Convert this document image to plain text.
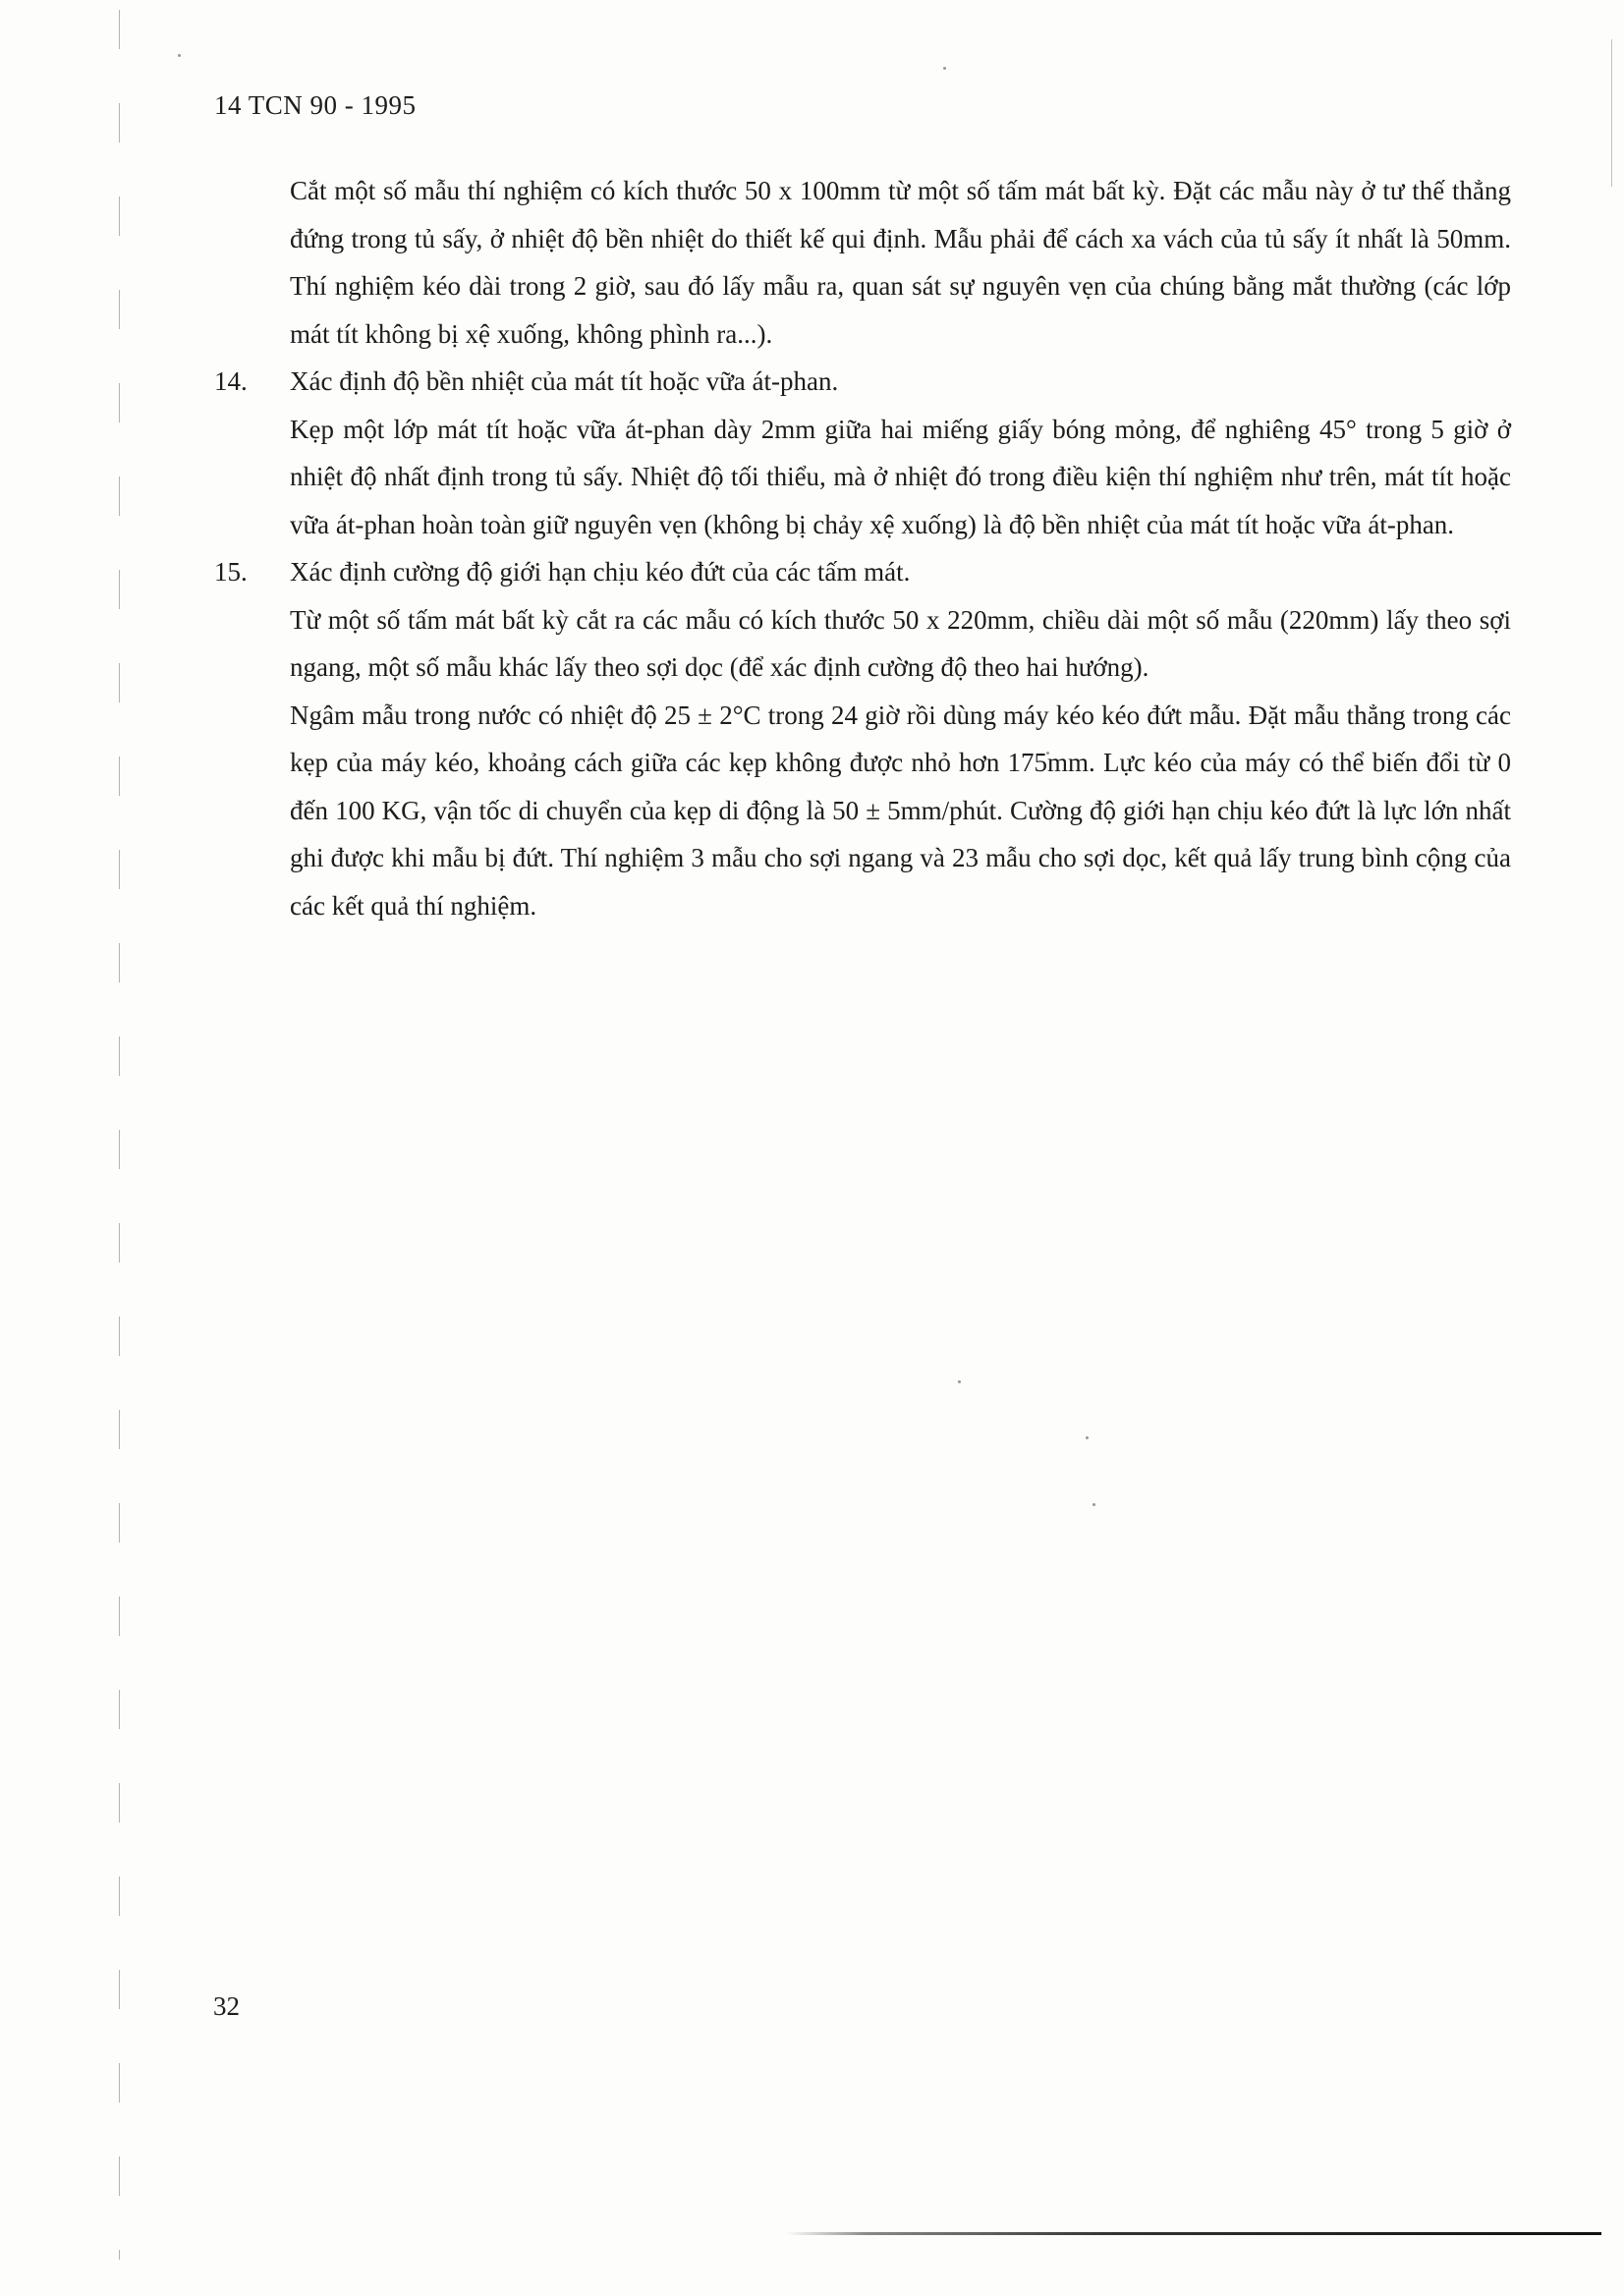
14 TCN 90 - 1995

Cắt một số mẫu thí nghiệm có kích thước 50 x 100mm từ một số tấm mát bất kỳ. Đặt các mẫu này ở tư thế thẳng đứng trong tủ sấy, ở nhiệt độ bền nhiệt do thiết kế qui định. Mẫu phải để cách xa vách của tủ sấy ít nhất là 50mm. Thí nghiệm kéo dài trong 2 giờ, sau đó lấy mẫu ra, quan sát sự nguyên vẹn của chúng bằng mắt thường (các lớp mát tít không bị xệ xuống, không phình ra...).

14. Xác định độ bền nhiệt của mát tít hoặc vữa át-phan.

Kẹp một lớp mát tít hoặc vữa át-phan dày 2mm giữa hai miếng giấy bóng mỏng, để nghiêng 45° trong 5 giờ ở nhiệt độ nhất định trong tủ sấy. Nhiệt độ tối thiểu, mà ở nhiệt đó trong điều kiện thí nghiệm như trên, mát tít hoặc vữa át-phan hoàn toàn giữ nguyên vẹn (không bị chảy xệ xuống) là độ bền nhiệt của mát tít hoặc vữa át-phan.

15. Xác định cường độ giới hạn chịu kéo đứt của các tấm mát.

Từ một số tấm mát bất kỳ cắt ra các mẫu có kích thước 50 x 220mm, chiều dài một số mẫu (220mm) lấy theo sợi ngang, một số mẫu khác lấy theo sợi dọc (để xác định cường độ theo hai hướng).

Ngâm mẫu trong nước có nhiệt độ 25 ± 2°C trong 24 giờ rồi dùng máy kéo kéo đứt mẫu. Đặt mẫu thẳng trong các kẹp của máy kéo, khoảng cách giữa các kẹp không được nhỏ hơn 175mm. Lực kéo của máy có thể biến đổi từ 0 đến 100 KG, vận tốc di chuyển của kẹp di động là 50 ± 5mm/phút. Cường độ giới hạn chịu kéo đứt là lực lớn nhất ghi được khi mẫu bị đứt. Thí nghiệm 3 mẫu cho sợi ngang và 23 mẫu cho sợi dọc, kết quả lấy trung bình cộng của các kết quả thí nghiệm.

32
